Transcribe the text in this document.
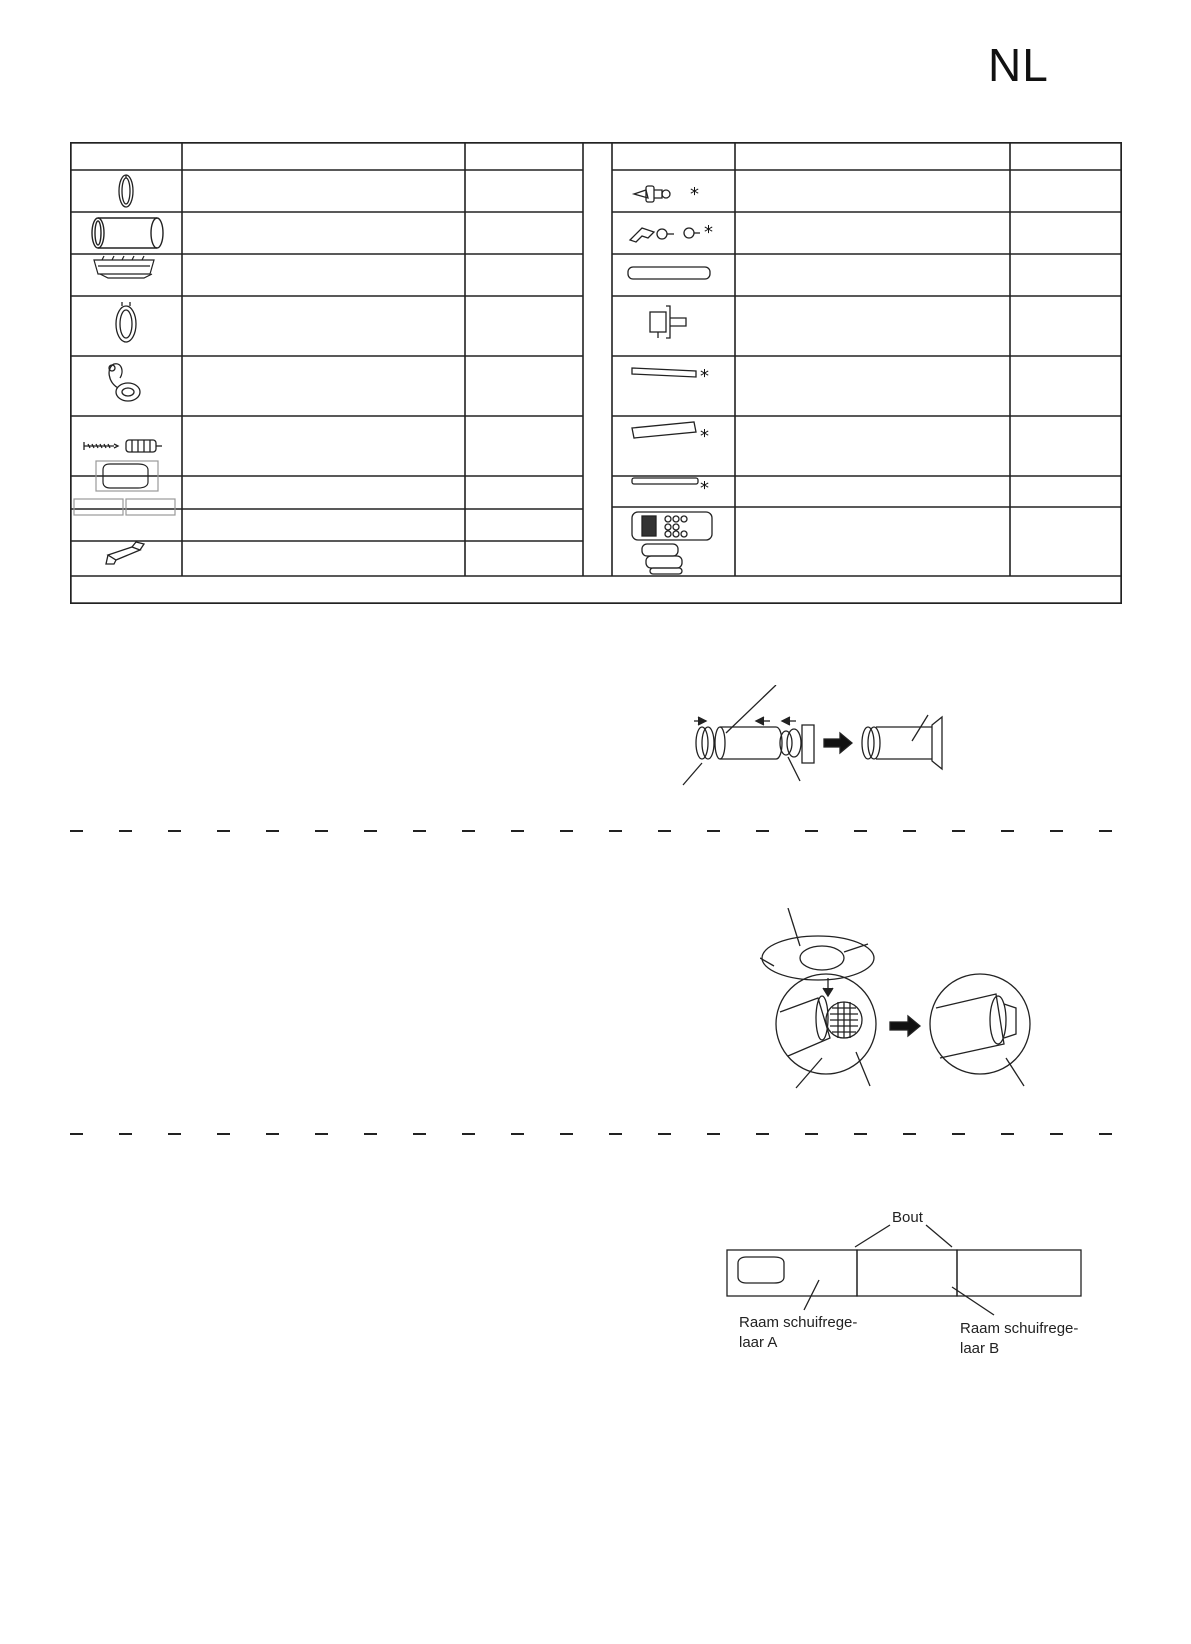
NL
*
*
*
*
*
Bout
Raam schuifrege-
laar A
Raam schuifrege-
laar B
